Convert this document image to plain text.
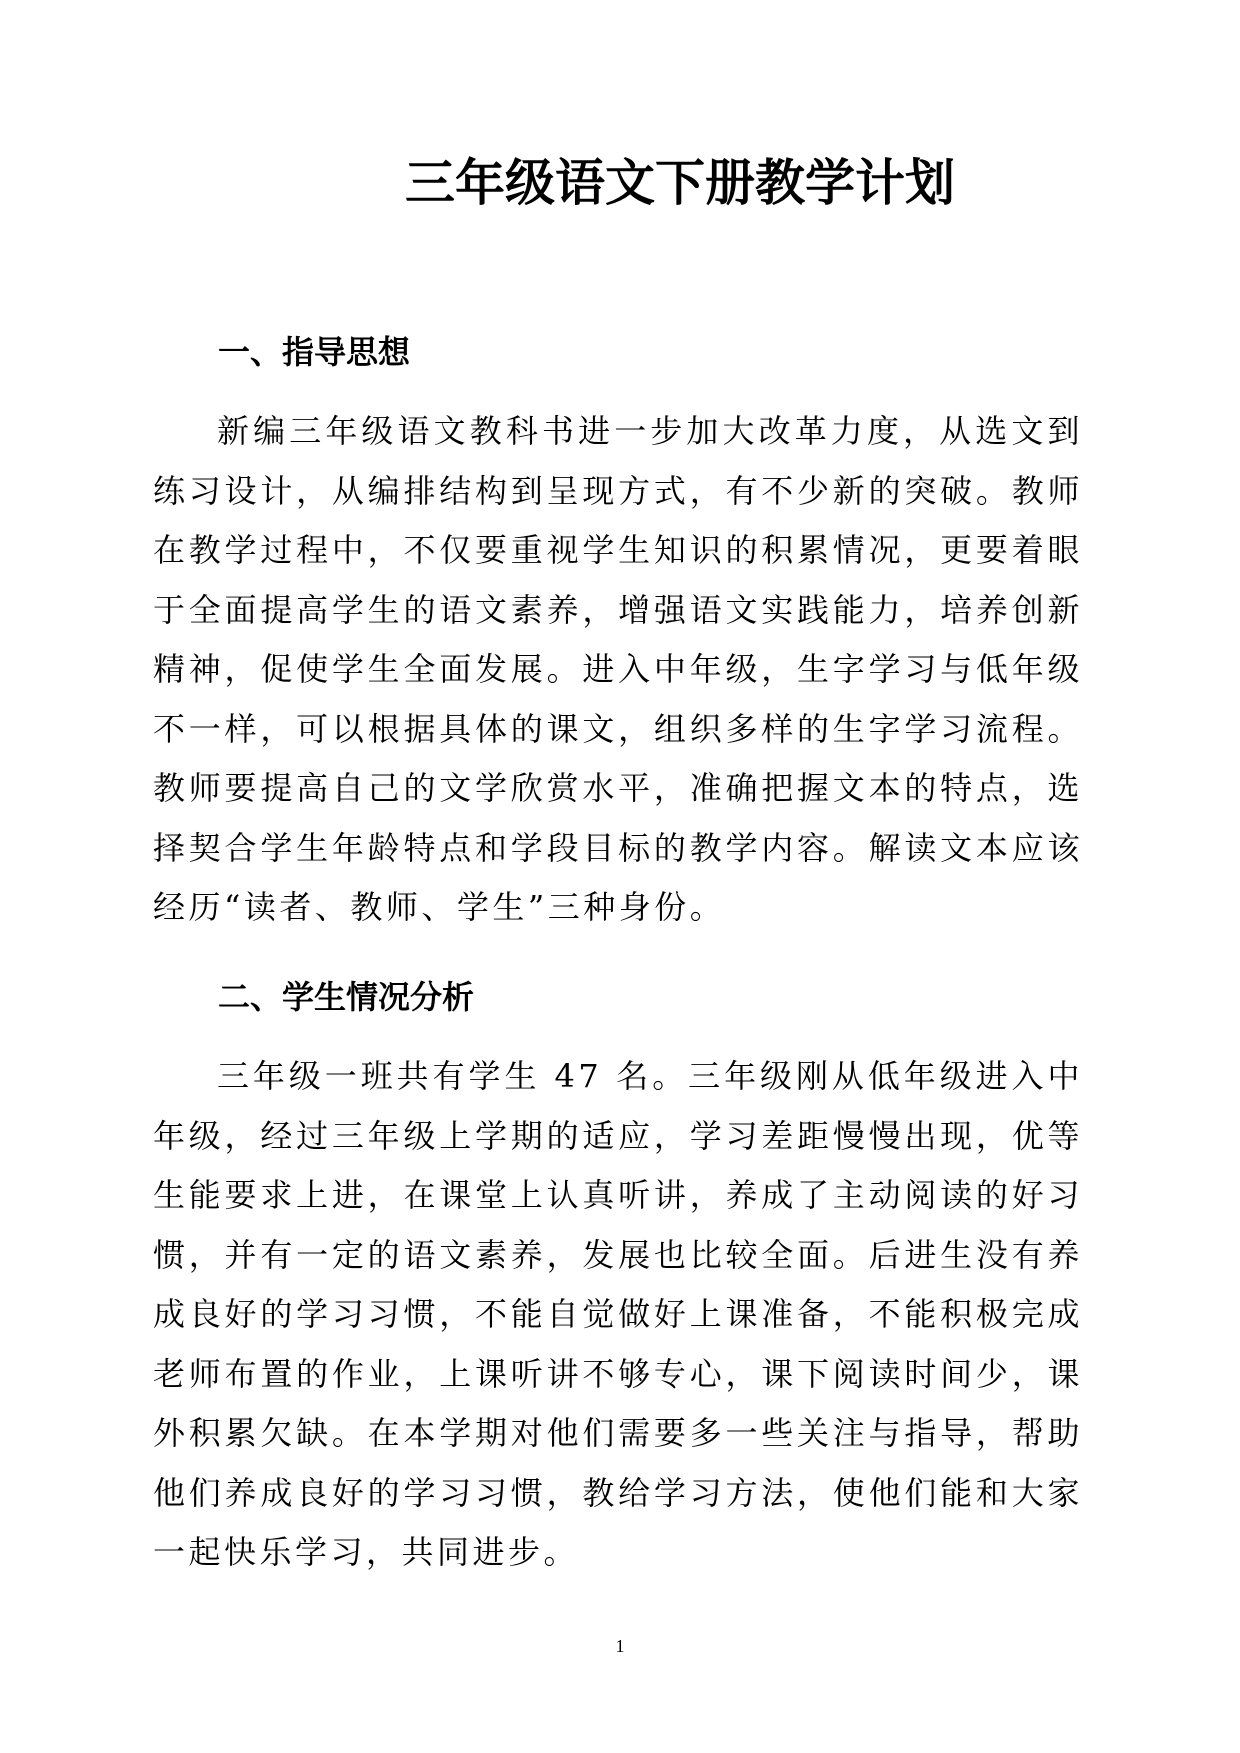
三年级语文下册教学计划
一、指导思想

新编三年级语文教科书进一步加大改革力度，从选文到练习设计，从编排结构到呈现方式，有不少新的突破。教师在教学过程中，不仅要重视学生知识的积累情况，更要着眼于全面提高学生的语文素养，增强语文实践能力，培养创新精神，促使学生全面发展。进入中年级，生字学习与低年级不一样，可以根据具体的课文，组织多样的生字学习流程。教师要提高自己的文学欣赏水平，准确把握文本的特点，选择契合学生年龄特点和学段目标的教学内容。解读文本应该经历“读者、教师、学生”三种身份。

二、学生情况分析

三年级一班共有学生 47 名。三年级刚从低年级进入中年级，经过三年级上学期的适应，学习差距慢慢出现，优等生能要求上进，在课堂上认真听讲，养成了主动阅读的好习惯，并有一定的语文素养，发展也比较全面。后进生没有养成良好的学习习惯，不能自觉做好上课准备，不能积极完成老师布置的作业，上课听讲不够专心，课下阅读时间少，课外积累欠缺。在本学期对他们需要多一些关注与指导，帮助他们养成良好的学习习惯，教给学习方法，使他们能和大家一起快乐学习，共同进步。

1
